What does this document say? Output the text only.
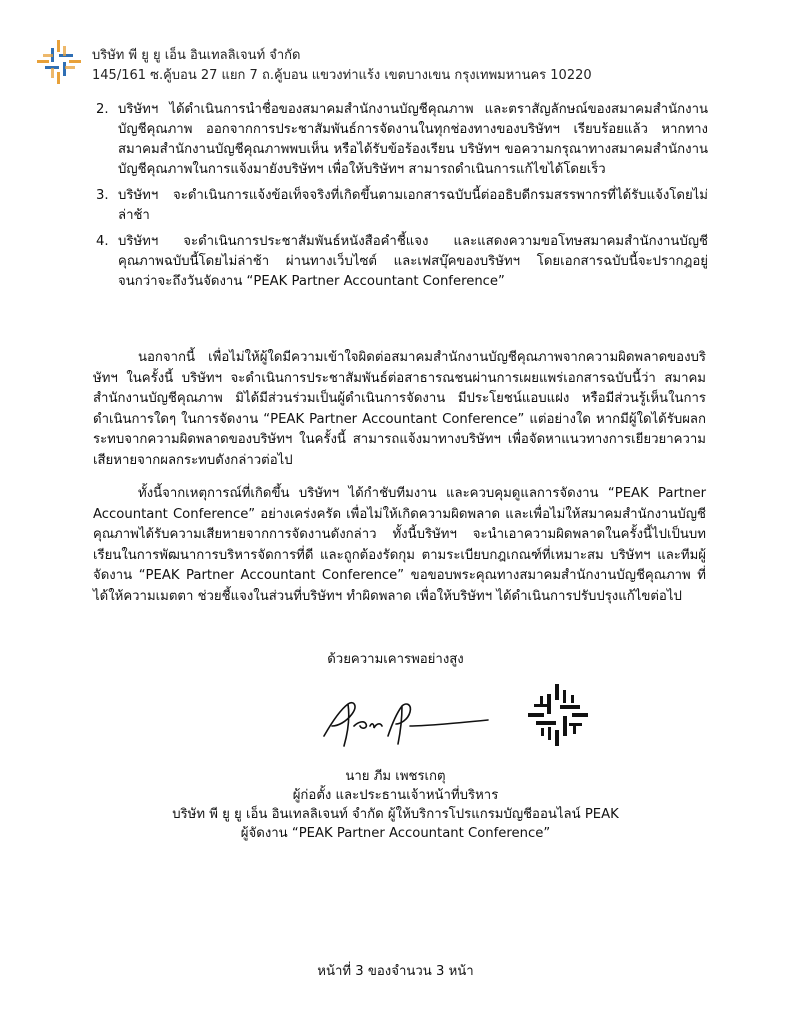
บริษัท พี ยู ยู เอ็น อินเทลลิเจนท์ จำกัด
145/161 ซ.คู้บอน 27 แยก 7 ถ.คู้บอน แขวงท่าแร้ง เขตบางเขน กรุงเทพมหานคร 10220
2. บริษัทฯ ได้ดำเนินการนำชื่อของสมาคมสำนักงานบัญชีคุณภาพ และตราสัญลักษณ์ของสมาคมสำนักงานบัญชีคุณภาพ ออกจากการประชาสัมพันธ์การจัดงานในทุกช่องทางของบริษัทฯ เรียบร้อยแล้ว หากทางสมาคมสำนักงานบัญชีคุณภาพพบเห็น หรือได้รับข้อร้องเรียน บริษัทฯ ขอความกรุณาทางสมาคมสำนักงานบัญชีคุณภาพในการแจ้งมายังบริษัทฯ เพื่อให้บริษัทฯ สามารถดำเนินการแก้ไขได้โดยเร็ว
3. บริษัทฯ จะดำเนินการแจ้งข้อเท็จจริงที่เกิดขึ้นตามเอกสารฉบับนี้ต่ออธิบดีกรมสรรพากรที่ได้รับแจ้งโดยไม่ล่าช้า
4. บริษัทฯ จะดำเนินการประชาสัมพันธ์หนังสือคำชี้แจง และแสดงความขอโทษสมาคมสำนักงานบัญชีคุณภาพฉบับนี้โดยไม่ล่าช้า ผ่านทางเว็บไซต์ และเฟสบุ๊คของบริษัทฯ โดยเอกสารฉบับนี้จะปรากฎอยู่จนกว่าจะถึงวันจัดงาน “PEAK Partner Accountant Conference”

นอกจากนี้ เพื่อไม่ให้ผู้ใดมีความเข้าใจผิดต่อสมาคมสำนักงานบัญชีคุณภาพจากความผิดพลาดของบริษัทฯ ในครั้งนี้ บริษัทฯ จะดำเนินการประชาสัมพันธ์ต่อสาธารณชนผ่านการเผยแพร่เอกสารฉบับนี้ว่า สมาคมสำนักงานบัญชีคุณภาพ มิได้มีส่วนร่วมเป็นผู้ดำเนินการจัดงาน มีประโยชน์แอบแฝง หรือมีส่วนรู้เห็นในการดำเนินการใดๆ ในการจัดงาน “PEAK Partner Accountant Conference” แต่อย่างใด หากมีผู้ใดได้รับผลกระทบจากความผิดพลาดของบริษัทฯ ในครั้งนี้ สามารถแจ้งมาทางบริษัทฯ เพื่อจัดหาแนวทางการเยียวยาความเสียหายจากผลกระทบดังกล่าวต่อไป

ทั้งนี้จากเหตุการณ์ที่เกิดขึ้น บริษัทฯ ได้กำชับทีมงาน และควบคุมดูแลการจัดงาน “PEAK Partner Accountant Conference” อย่างเคร่งครัด เพื่อไม่ให้เกิดความผิดพลาด และเพื่อไม่ให้สมาคมสำนักงานบัญชีคุณภาพได้รับความเสียหายจากการจัดงานดังกล่าว ทั้งนี้บริษัทฯ จะนำเอาความผิดพลาดในครั้งนี้ไปเป็นบทเรียนในการพัฒนาการบริหารจัดการที่ดี และถูกต้องรัดกุม ตามระเบียบกฎเกณฑ์ที่เหมาะสม บริษัทฯ และทีมผู้จัดงาน “PEAK Partner Accountant Conference” ขอขอบพระคุณทางสมาคมสำนักงานบัญชีคุณภาพ ที่ได้ให้ความเมตตา ช่วยชี้แจงในส่วนที่บริษัทฯ ทำผิดพลาด เพื่อให้บริษัทฯ ได้ดำเนินการปรับปรุงแก้ไขต่อไป

ด้วยความเคารพอย่างสูง
นาย ภีม เพชรเกตุ
ผู้ก่อตั้ง และประธานเจ้าหน้าที่บริหาร
บริษัท พี ยู ยู เอ็น อินเทลลิเจนท์ จำกัด ผู้ให้บริการโปรแกรมบัญชีออนไลน์ PEAK
ผู้จัดงาน “PEAK Partner Accountant Conference”
หน้าที่ 3 ของจำนวน 3 หน้า
